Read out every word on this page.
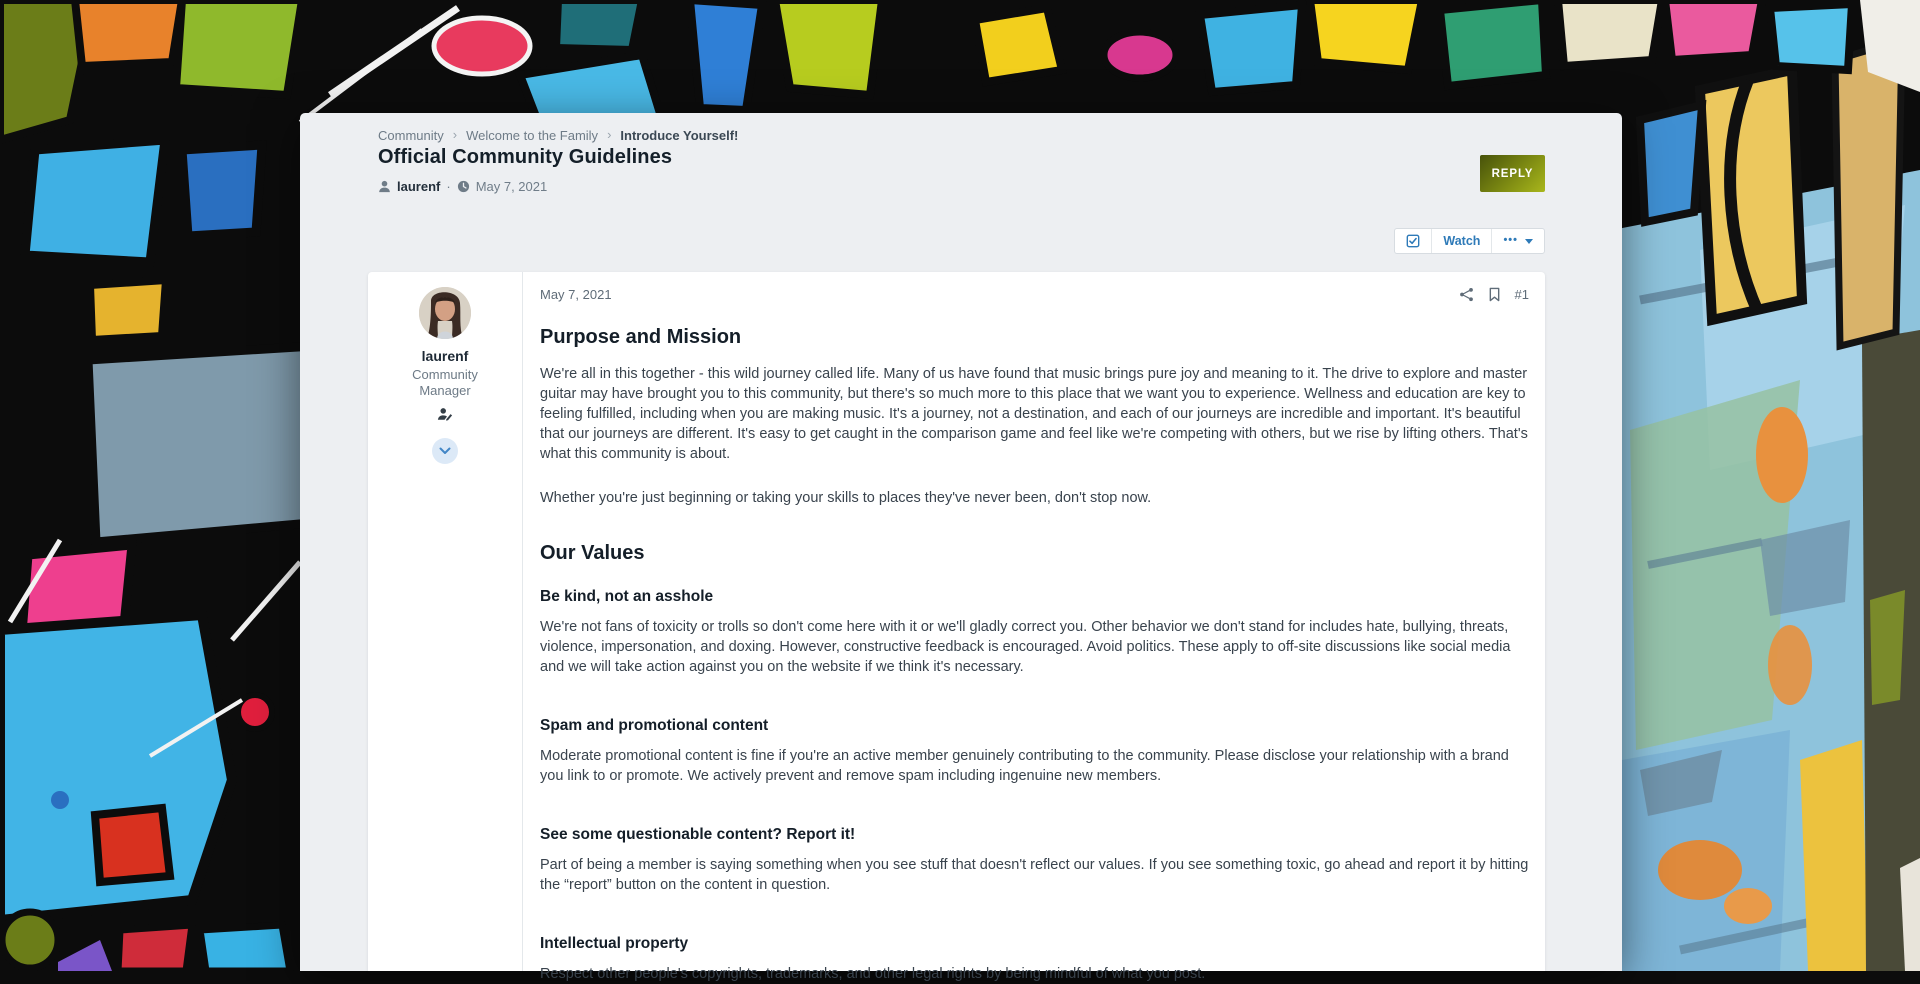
Community › Welcome to the Family › Introduce Yourself!
Official Community Guidelines
laurenf · May 7, 2021
REPLY
Watch •••
laurenf
Community Manager
May 7, 2021	#1
Purpose and Mission

We're all in this together - this wild journey called life. Many of us have found that music brings pure joy and meaning to it. The drive to explore and master guitar may have brought you to this community, but there's so much more to this place that we want you to experience. Wellness and education are key to feeling fulfilled, including when you are making music. It's a journey, not a destination, and each of our journeys are incredible and important. It's beautiful that our journeys are different. It's easy to get caught in the comparison game and feel like we're competing with others, but we rise by lifting others. That's what this community is about.

Whether you're just beginning or taking your skills to places they've never been, don't stop now.

Our Values
Be kind, not an asshole

We're not fans of toxicity or trolls so don't come here with it or we'll gladly correct you. Other behavior we don't stand for includes hate, bullying, threats, violence, impersonation, and doxing. However, constructive feedback is encouraged. Avoid politics. These apply to off-site discussions like social media and we will take action against you on the website if we think it's necessary.

Spam and promotional content

Moderate promotional content is fine if you're an active member genuinely contributing to the community. Please disclose your relationship with a brand you link to or promote. We actively prevent and remove spam including ingenuine new members.

See some questionable content? Report it!

Part of being a member is saying something when you see stuff that doesn't reflect our values. If you see something toxic, go ahead and report it by hitting the “report” button on the content in question.

Intellectual property

Respect other people's copyrights, trademarks, and other legal rights by being mindful of what you post.
